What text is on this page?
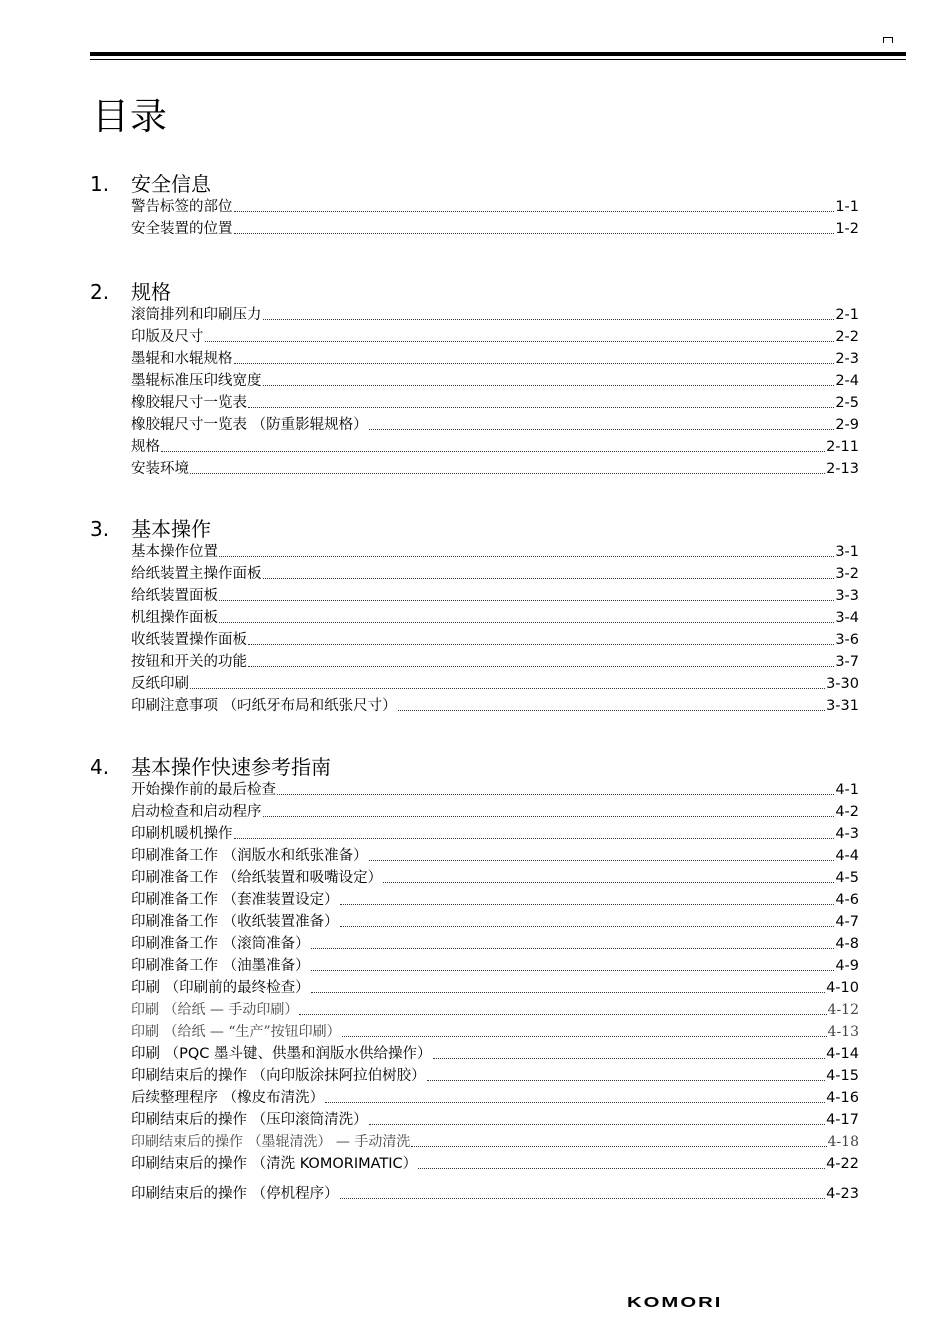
目录
1.	安全信息
警告标签的部位	1-1
安全装置的位置	1-2
2.	规格
滚筒排列和印刷压力	2-1
印版及尺寸	2-2
墨辊和水辊规格	2-3
墨辊标准压印线宽度	2-4
橡胶辊尺寸一览表	2-5
橡胶辊尺寸一览表 （防重影辊规格）	2-9
规格	2-11
安装环境	2-13
3.	基本操作
基本操作位置	3-1
给纸装置主操作面板	3-2
给纸装置面板	3-3
机组操作面板	3-4
收纸装置操作面板	3-6
按钮和开关的功能	3-7
反纸印刷	3-30
印刷注意事项 （叼纸牙布局和纸张尺寸）	3-31
4.	基本操作快速参考指南
开始操作前的最后检查	4-1
启动检查和启动程序	4-2
印刷机暖机操作	4-3
印刷准备工作 （润版水和纸张准备）	4-4
印刷准备工作 （给纸装置和吸嘴设定）	4-5
印刷准备工作 （套准装置设定）	4-6
印刷准备工作 （收纸装置准备）	4-7
印刷准备工作 （滚筒准备）	4-8
印刷准备工作 （油墨准备）	4-9
印刷 （印刷前的最终检查）	4-10
印刷 （给纸 — 手动印刷）	4-12
印刷 （给纸 — “生产”按钮印刷）	4-13
印刷 （PQC 墨斗键、供墨和润版水供给操作）	4-14
印刷结束后的操作 （向印版涂抹阿拉伯树胶）	4-15
后续整理程序 （橡皮布清洗）	4-16
印刷结束后的操作 （压印滚筒清洗）	4-17
印刷结束后的操作 （墨辊清洗） — 手动清洗	4-18
印刷结束后的操作 （清洗 KOMORIMATIC）	4-22
印刷结束后的操作 （停机程序）	4-23
KOMORI
